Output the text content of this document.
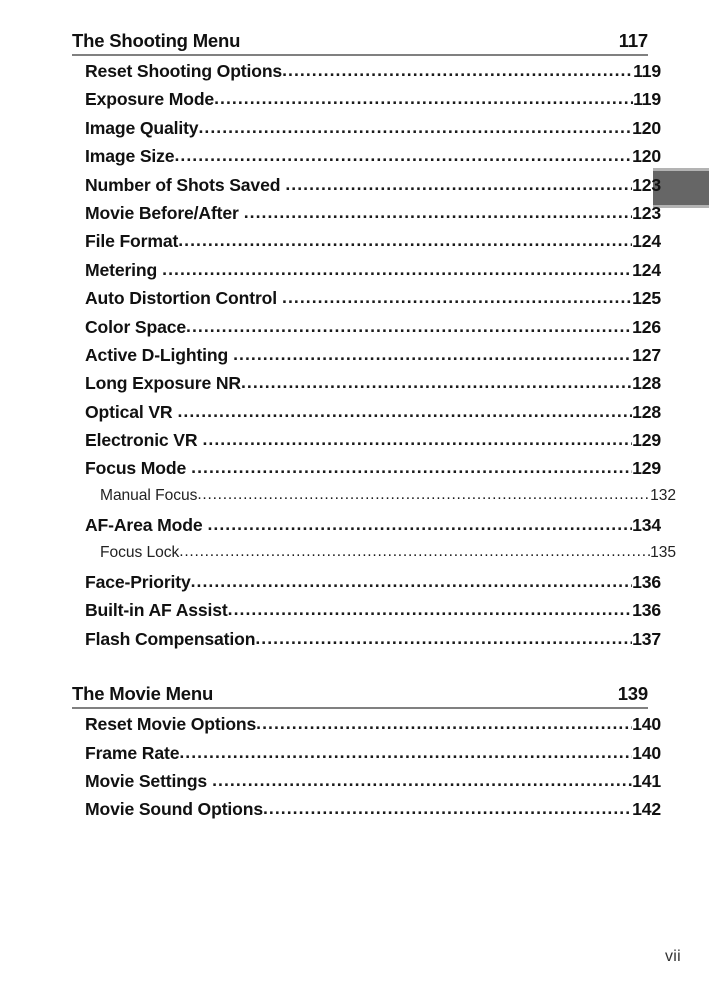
The Shooting Menu	117
Reset Shooting Options .....	119
Exposure Mode .....	119
Image Quality .....	120
Image Size .....	120
Number of Shots Saved .....	123
Movie Before/After .....	123
File Format .....	124
Metering .....	124
Auto Distortion Control .....	125
Color Space .....	126
Active D-Lighting .....	127
Long Exposure NR .....	128
Optical VR .....	128
Electronic VR .....	129
Focus Mode .....	129
Manual Focus .....	132
AF-Area Mode .....	134
Focus Lock .....	135
Face-Priority .....	136
Built-in AF Assist .....	136
Flash Compensation .....	137
The Movie Menu	139
Reset Movie Options .....	140
Frame Rate .....	140
Movie Settings .....	141
Movie Sound Options .....	142
vii
